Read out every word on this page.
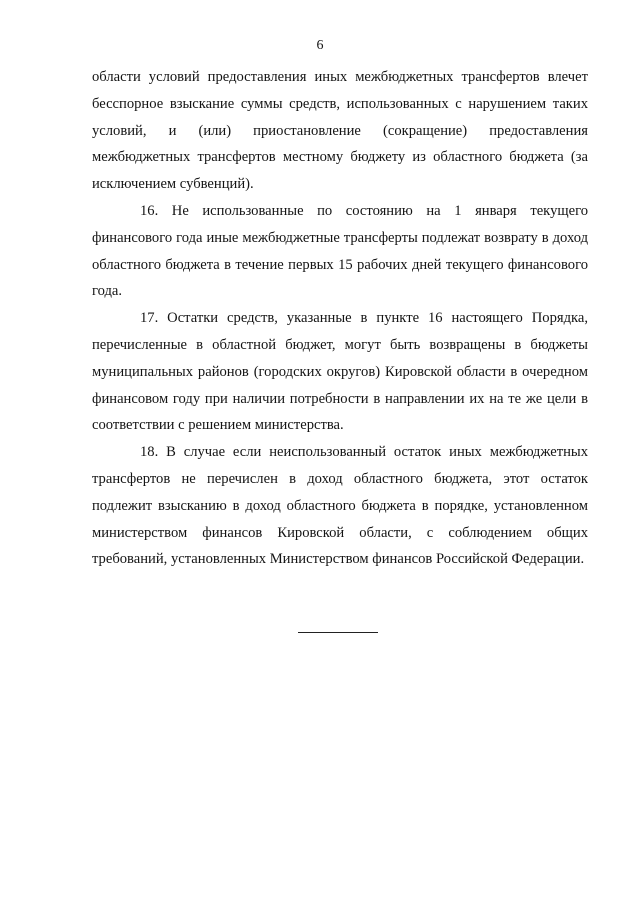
6

области условий предоставления иных межбюджетных трансфертов влечет бесспорное взыскание суммы средств, использованных с нарушением таких условий, и (или) приостановление (сокращение) предоставления межбюджетных трансфертов местному бюджету из областного бюджета (за исключением субвенций).

16. Не использованные по состоянию на 1 января текущего финансового года иные межбюджетные трансферты подлежат возврату в доход областного бюджета в течение первых 15 рабочих дней текущего финансового года.

17. Остатки средств, указанные в пункте 16 настоящего Порядка, перечисленные в областной бюджет, могут быть возвращены в бюджеты муниципальных районов (городских округов) Кировской области в очередном финансовом году при наличии потребности в направлении их на те же цели в соответствии с решением министерства.

18. В случае если неиспользованный остаток иных межбюджетных трансфертов не перечислен в доход областного бюджета, этот остаток подлежит взысканию в доход областного бюджета в порядке, установленном министерством финансов Кировской области, с соблюдением общих требований, установленных Министерством финансов Российской Федерации.
